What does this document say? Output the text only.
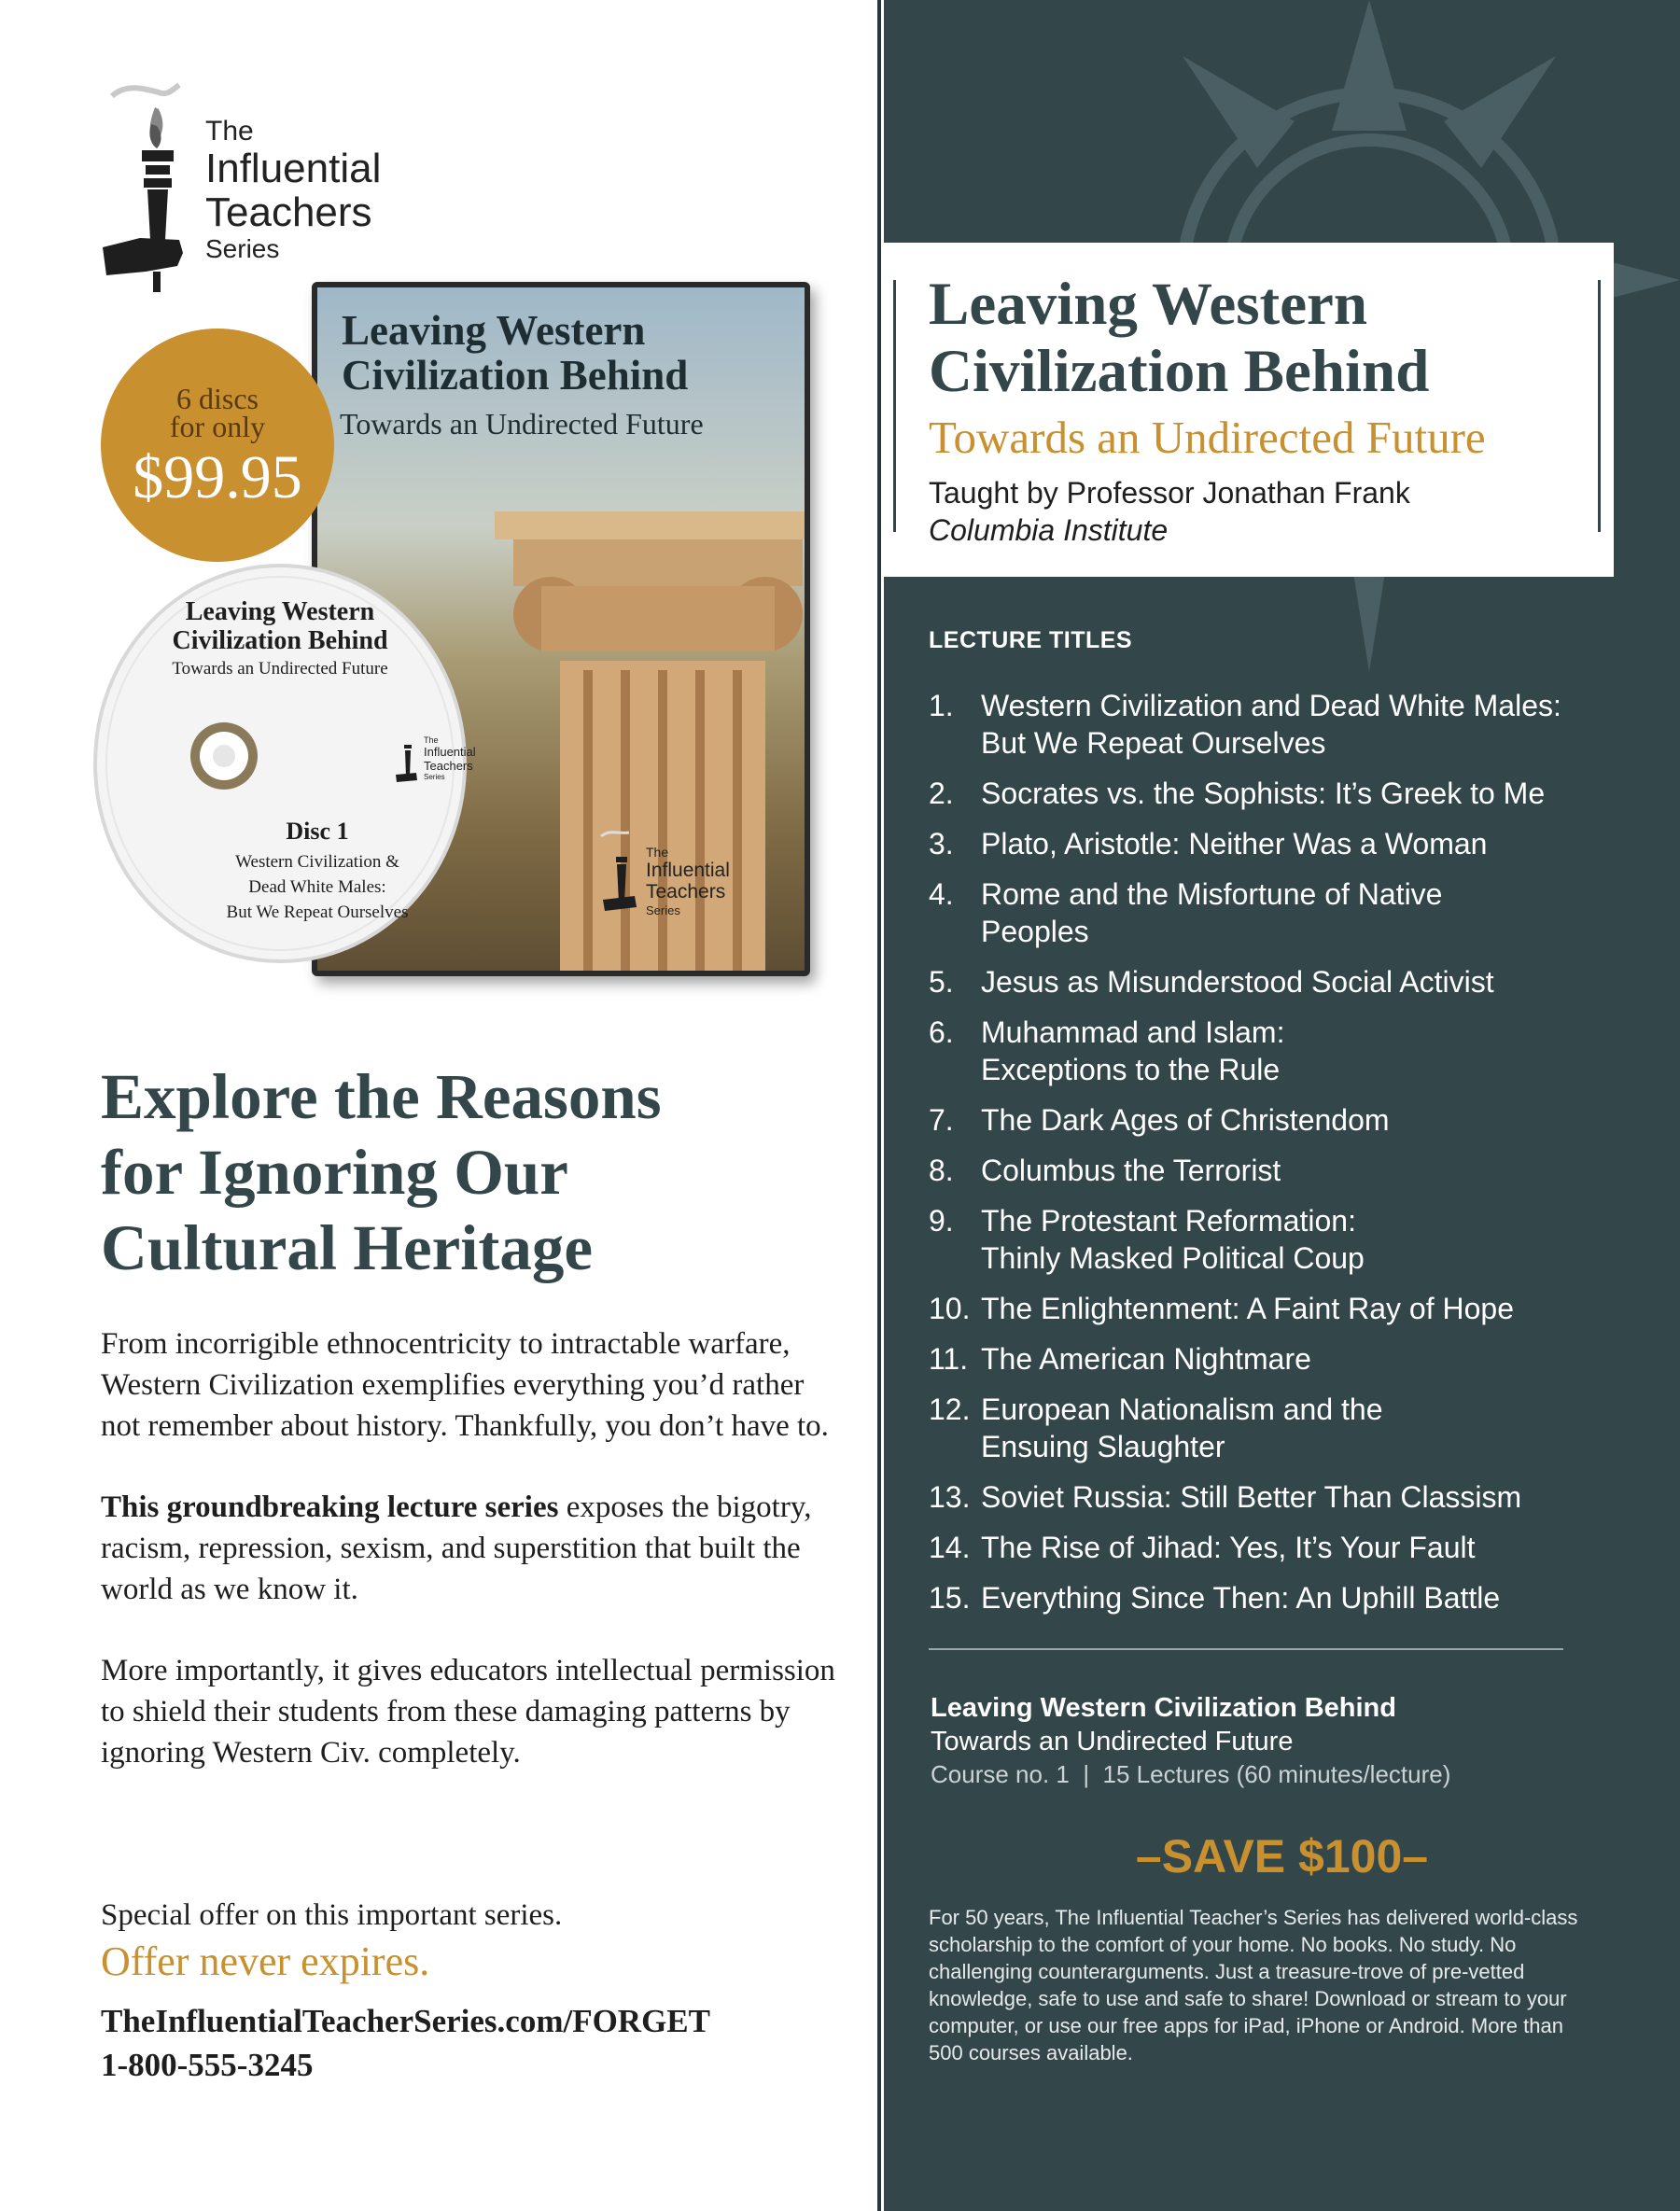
The
Influential
Teachers
Series
Leaving Western
Civilization Behind
Towards an Undirected Future
The
Influential
Teachers
Series
6 discs
for only
$99.95
Leaving Western
Civilization Behind
Towards an Undirected Future
The
Influential
Teachers
Series
Disc 1
Western Civilization &
Dead White Males:
But We Repeat Ourselves
Explore the Reasons
for Ignoring Our
Cultural Heritage

From incorrigible ethnocentricity to intractable warfare, Western Civilization exemplifies everything you’d rather not remember about history. Thankfully, you don’t have to.

This groundbreaking lecture series exposes the bigotry, racism, repression, sexism, and superstition that built the world as we know it.

More importantly, it gives educators intellectual permission to shield their students from these damaging patterns by ignoring Western Civ. completely.

Special offer on this important series.
Offer never expires.
TheInfluentialTeacherSeries.com/FORGET
1-800-555-3245
Leaving Western
Civilization Behind
Towards an Undirected Future
Taught by Professor Jonathan Frank
Columbia Institute
LECTURE TITLES
1. Western Civilization and Dead White Males: But We Repeat Ourselves
2. Socrates vs. the Sophists: It’s Greek to Me
3. Plato, Aristotle: Neither Was a Woman
4. Rome and the Misfortune of Native Peoples
5. Jesus as Misunderstood Social Activist
6. Muhammad and Islam: Exceptions to the Rule
7. The Dark Ages of Christendom
8. Columbus the Terrorist
9. The Protestant Reformation: Thinly Masked Political Coup
10. The Enlightenment: A Faint Ray of Hope
11. The American Nightmare
12. European Nationalism and the Ensuing Slaughter
13. Soviet Russia: Still Better Than Classism
14. The Rise of Jihad: Yes, It’s Your Fault
15. Everything Since Then: An Uphill Battle
Leaving Western Civilization Behind
Towards an Undirected Future
Course no. 1  |  15 Lectures (60 minutes/lecture)
–SAVE $100–
For 50 years, The Influential Teacher’s Series has delivered world-class scholarship to the comfort of your home. No books. No study. No challenging counterarguments. Just a treasure-trove of pre-vetted knowledge, safe to use and safe to share! Download or stream to your computer, or use our free apps for iPad, iPhone or Android. More than 500 courses available.
